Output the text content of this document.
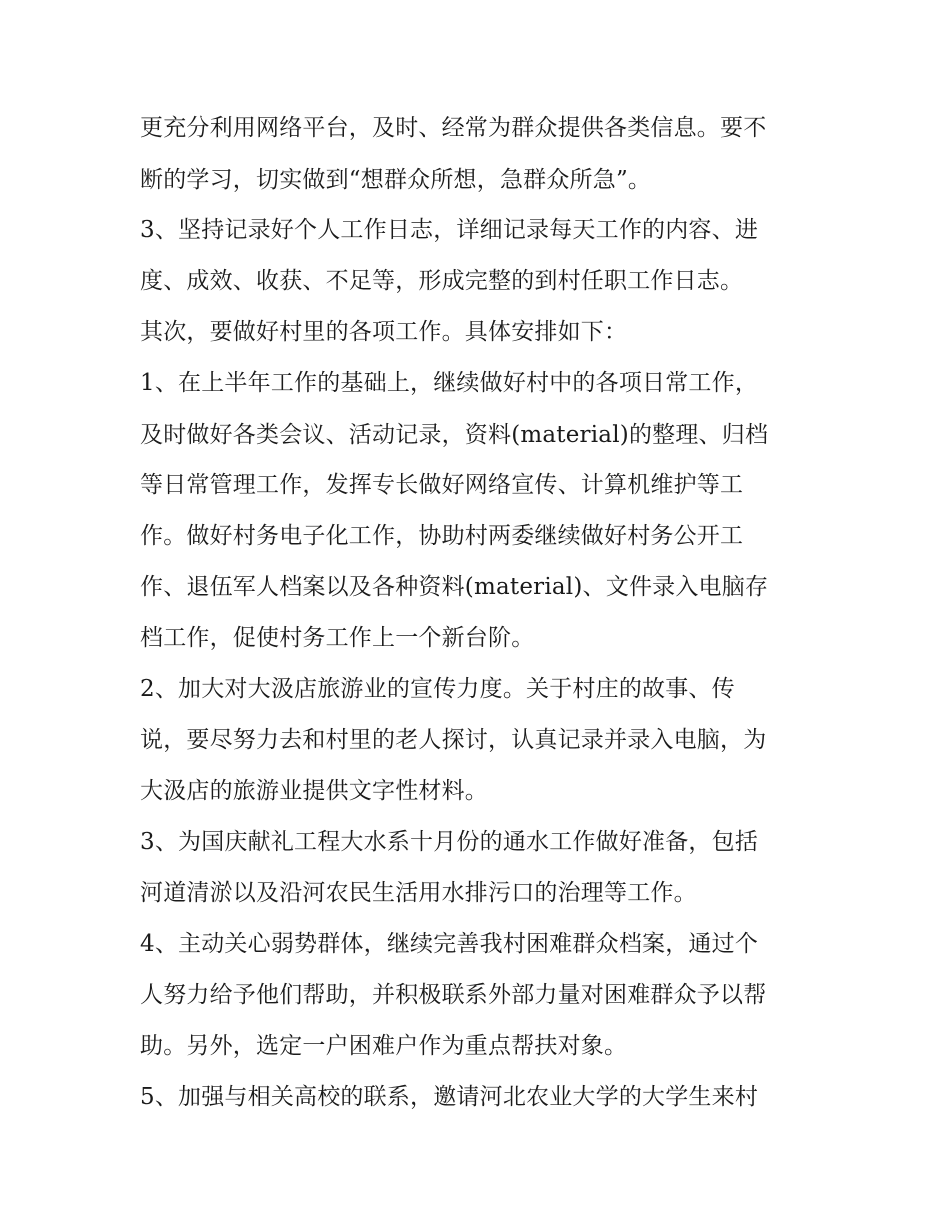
更充分利用网络平台，及时、经常为群众提供各类信息。要不
断的学习，切实做到“想群众所想，急群众所急”。
3、坚持记录好个人工作日志，详细记录每天工作的内容、进
度、成效、收获、不足等，形成完整的到村任职工作日志。
其次，要做好村里的各项工作。具体安排如下：
1、在上半年工作的基础上，继续做好村中的各项日常工作，
及时做好各类会议、活动记录，资料(material)的整理、归档
等日常管理工作，发挥专长做好网络宣传、计算机维护等工
作。做好村务电子化工作，协助村两委继续做好村务公开工
作、退伍军人档案以及各种资料(material)、文件录入电脑存
档工作，促使村务工作上一个新台阶。
2、加大对大汲店旅游业的宣传力度。关于村庄的故事、传
说，要尽努力去和村里的老人探讨，认真记录并录入电脑，为
大汲店的旅游业提供文字性材料。
3、为国庆献礼工程大水系十月份的通水工作做好准备，包括
河道清淤以及沿河农民生活用水排污口的治理等工作。
4、主动关心弱势群体，继续完善我村困难群众档案，通过个
人努力给予他们帮助，并积极联系外部力量对困难群众予以帮
助。另外，选定一户困难户作为重点帮扶对象。
5、加强与相关高校的联系，邀请河北农业大学的大学生来村
